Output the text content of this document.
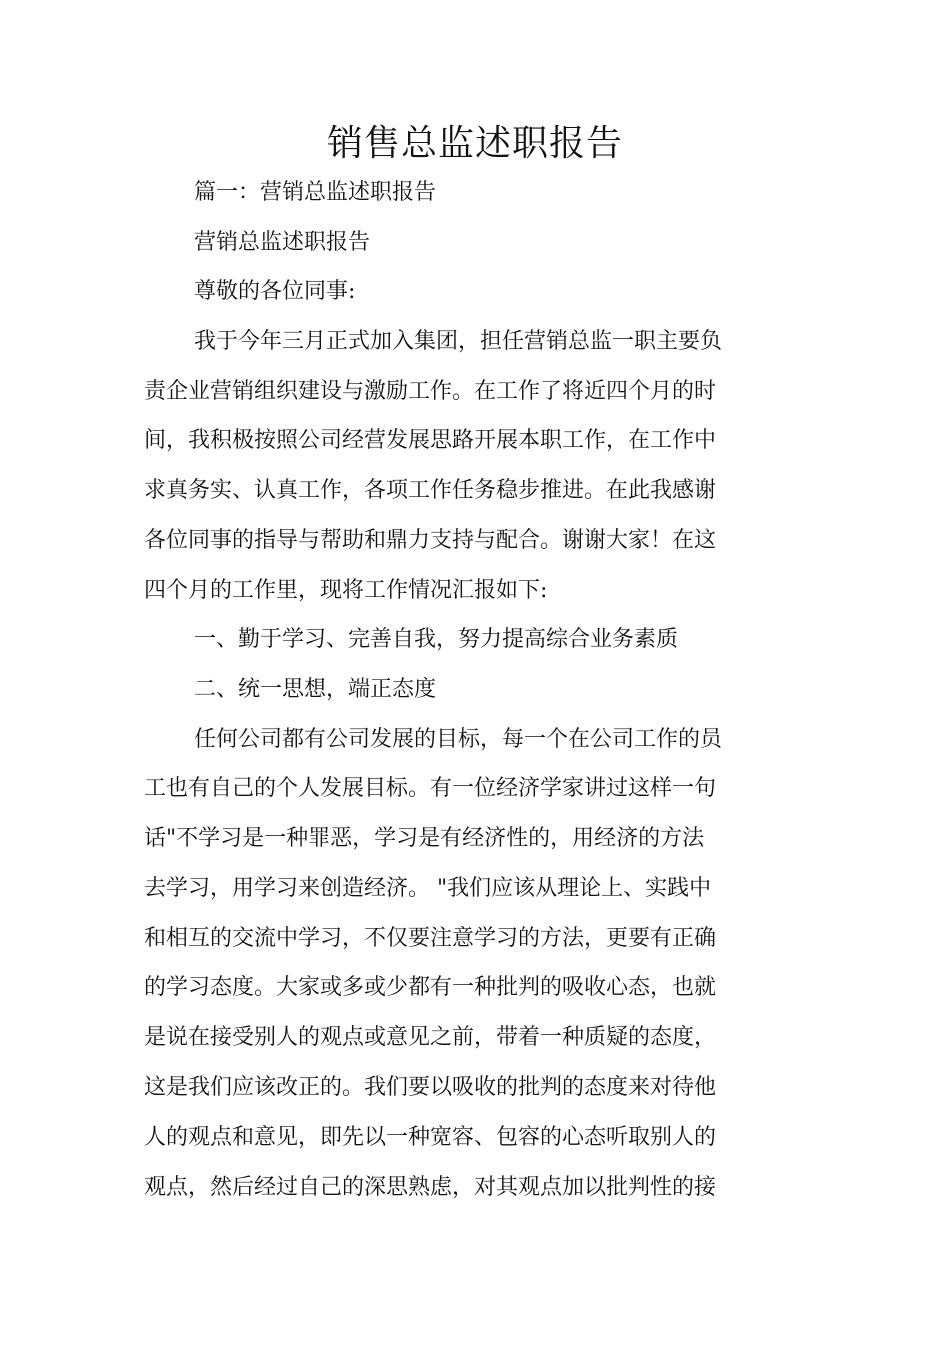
销售总监述职报告
篇一：营销总监述职报告
营销总监述职报告
尊敬的各位同事:
我于今年三月正式加入集团，担任营销总监一职主要负
责企业营销组织建设与激励工作。在工作了将近四个月的时
间，我积极按照公司经营发展思路开展本职工作，在工作中
求真务实、认真工作，各项工作任务稳步推进。在此我感谢
各位同事的指导与帮助和鼎力支持与配合。谢谢大家！在这
四个月的工作里，现将工作情况汇报如下:
一、勤于学习、完善自我，努力提高综合业务素质
二、统一思想，端正态度
任何公司都有公司发展的目标，每一个在公司工作的员
工也有自己的个人发展目标。有一位经济学家讲过这样一句
话"不学习是一种罪恶，学习是有经济性的，用经济的方法
去学习，用学习来创造经济。 "我们应该从理论上、实践中
和相互的交流中学习，不仅要注意学习的方法，更要有正确
的学习态度。大家或多或少都有一种批判的吸收心态，也就
是说在接受别人的观点或意见之前，带着一种质疑的态度，
这是我们应该改正的。我们要以吸收的批判的态度来对待他
人的观点和意见，即先以一种宽容、包容的心态听取别人的
观点，然后经过自己的深思熟虑，对其观点加以批判性的接
